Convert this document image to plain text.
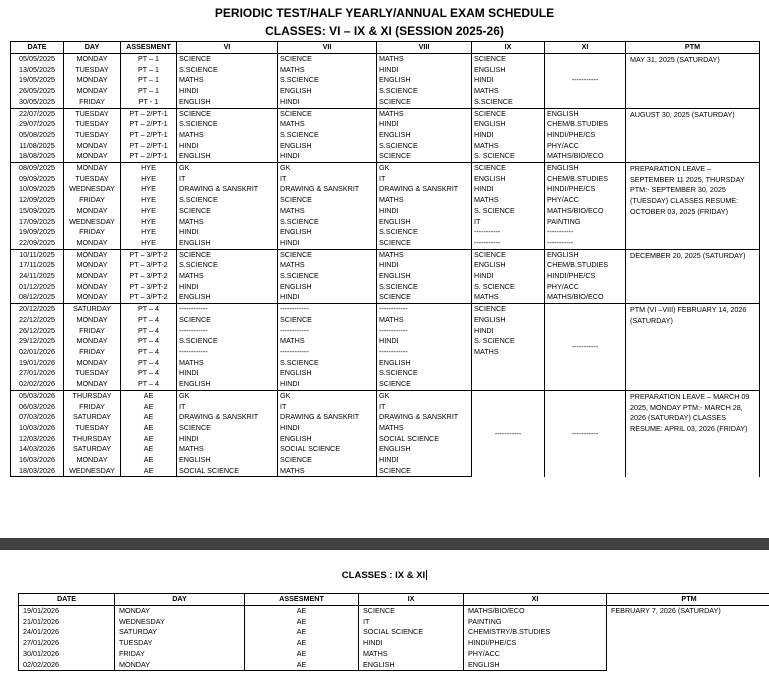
PERIODIC TEST/HALF YEARLY/ANNUAL EXAM SCHEDULE
CLASSES: VI – IX & XI (SESSION 2025-26)
DATE	DAY	ASSESMENT	VI	VII	VIII	IX	XI	PTM
05/05/2025	MONDAY	PT – 1	SCIENCE	SCIENCE	MATHS	SCIENCE	-----------	MAY 31, 2025 (SATURDAY)
13/05/2025	TUESDAY	PT – 1	S.SCIENCE	MATHS	HINDI	ENGLISH		
19/05/2025	MONDAY	PT – 1	MATHS	S.SCIENCE	ENGLISH	HINDI		
26/05/2025	MONDAY	PT – 1	HINDI	ENGLISH	S.SCIENCE	MATHS		
30/05/2025	FRIDAY	PT - 1	ENGLISH	HINDI	SCIENCE	S.SCIENCE		
22/07/2025	TUESDAY	PT – 2/PT-1	SCIENCE	SCIENCE	MATHS	SCIENCE	ENGLISH	AUGUST 30, 2025 (SATURDAY)
29/07/2025	TUESDAY	PT – 2/PT-1	S.SCIENCE	MATHS	HINDI	ENGLISH	CHEM/B.STUDIES	
05/08/2025	TUESDAY	PT – 2/PT-1	MATHS	S.SCIENCE	ENGLISH	HINDI	HINDI/PHE/CS	
11/08/2025	MONDAY	PT – 2/PT-1	HINDI	ENGLISH	S.SCIENCE	MATHS	PHY/ACC	
18/08/2025	MONDAY	PT – 2/PT-1	ENGLISH	HINDI	SCIENCE	S. SCIENCE	MATHS/BIO/ECO	
08/09/2025	MONDAY	HYE	GK	GK	GK	SCIENCE	ENGLISH	PREPARATION LEAVE – SEPTEMBER 11 2025, THURSDAY PTM:- SEPTEMBER 30, 2025 (TUESDAY) CLASSES RESUME: OCTOBER 03, 2025 (FRIDAY)
09/09/2025	TUESDAY	HYE	IT	IT	IT	ENGLISH	CHEM/B.STUDIES	
10/09/2025	WEDNESDAY	HYE	DRAWING & SANSKRIT	DRAWING & SANSKRIT	DRAWING & SANSKRIT	HINDI	HINDI/PHE/CS	
12/09/2025	FRIDAY	HYE	S.SCIENCE	SCIENCE	MATHS	MATHS	PHY/ACC	
15/09/2025	MONDAY	HYE	SCIENCE	MATHS	HINDI	S. SCIENCE	MATHS/BIO/ECO	
17/09/2025	WEDNESDAY	HYE	MATHS	S.SCIENCE	ENGLISH	IT	PAINTING	
19/09/2025	FRIDAY	HYE	HINDI	ENGLISH	S.SCIENCE	-----------	-----------	
22/09/2025	MONDAY	HYE	ENGLISH	HINDI	SCIENCE	-----------	-----------	
10/11/2025	MONDAY	PT – 3/PT-2	SCIENCE	SCIENCE	MATHS	SCIENCE	ENGLISH	DECEMBER 20, 2025 (SATURDAY)
17/11/2025	MONDAY	PT – 3/PT-2	S.SCIENCE	MATHS	HINDI	ENGLISH	CHEM/B.STUDIES	
24/11/2025	MONDAY	PT – 3/PT-2	MATHS	S.SCIENCE	ENGLISH	HINDI	HINDI/PHE/CS	
01/12/2025	MONDAY	PT – 3/PT-2	HINDI	ENGLISH	S.SCIENCE	S. SCIENCE	PHY/ACC	
08/12/2025	MONDAY	PT – 3/PT-2	ENGLISH	HINDI	SCIENCE	MATHS	MATHS/BIO/ECO	
20/12/2025	SATURDAY	PT – 4	------------	------------	------------	SCIENCE	-----------	PTM (VI –VIII) FEBRUARY 14, 2026 (SATURDAY)
22/12/2025	MONDAY	PT – 4	SCIENCE	SCIENCE	MATHS	ENGLISH		
26/12/2025	FRIDAY	PT – 4	------------	------------	------------	HINDI		
29/12/2025	MONDAY	PT – 4	S.SCIENCE	MATHS	HINDI	S. SCIENCE		
02/01/2026	FRIDAY	PT – 4	------------	------------	------------	MATHS		
19/01/2026	MONDAY	PT – 4	MATHS	S.SCIENCE	ENGLISH			
27/01/2026	TUESDAY	PT – 4	HINDI	ENGLISH	S.SCIENCE			
02/02/2026	MONDAY	PT – 4	ENGLISH	HINDI	SCIENCE			
05/03/2026	THURSDAY	AE	GK	GK	GK	-----------	-----------	PREPARATION LEAVE – MARCH 09 2025, MONDAY PTM:- MARCH 28, 2026 (SATURDAY) CLASSES RESUME: APRIL 03, 2026 (FRIDAY)
06/03/2026	FRIDAY	AE	IT	IT	IT			
07/03/2026	SATURDAY	AE	DRAWING & SANSKRIT	DRAWING & SANSKRIT	DRAWING & SANSKRIT			
10/03/2026	TUESDAY	AE	SCIENCE	HINDI	MATHS			
12/03/2026	THURSDAY	AE	HINDI	ENGLISH	SOCIAL SCIENCE			
14/03/2026	SATURDAY	AE	MATHS	SOCIAL SCIENCE	ENGLISH			
16/03/2026	MONDAY	AE	ENGLISH	SCIENCE	HINDI			
18/03/2026	WEDNESDAY	AE	SOCIAL SCIENCE	MATHS	SCIENCE			
CLASSES : IX & XI
DATE	DAY	ASSESMENT	IX	XI	PTM
19/01/2026	MONDAY	AE	SCIENCE	MATHS/BIO/ECO	FEBRUARY 7, 2026 (SATURDAY)
21/01/2026	WEDNESDAY	AE	IT	PAINTING	
24/01/2026	SATURDAY	AE	SOCIAL SCIENCE	CHEMISTRY/B.STUDIES	
27/01/2026	TUESDAY	AE	HINDI	HINDI/PHE/CS	
30/01/2026	FRIDAY	AE	MATHS	PHY/ACC	
02/02/2026	MONDAY	AE	ENGLISH	ENGLISH	
